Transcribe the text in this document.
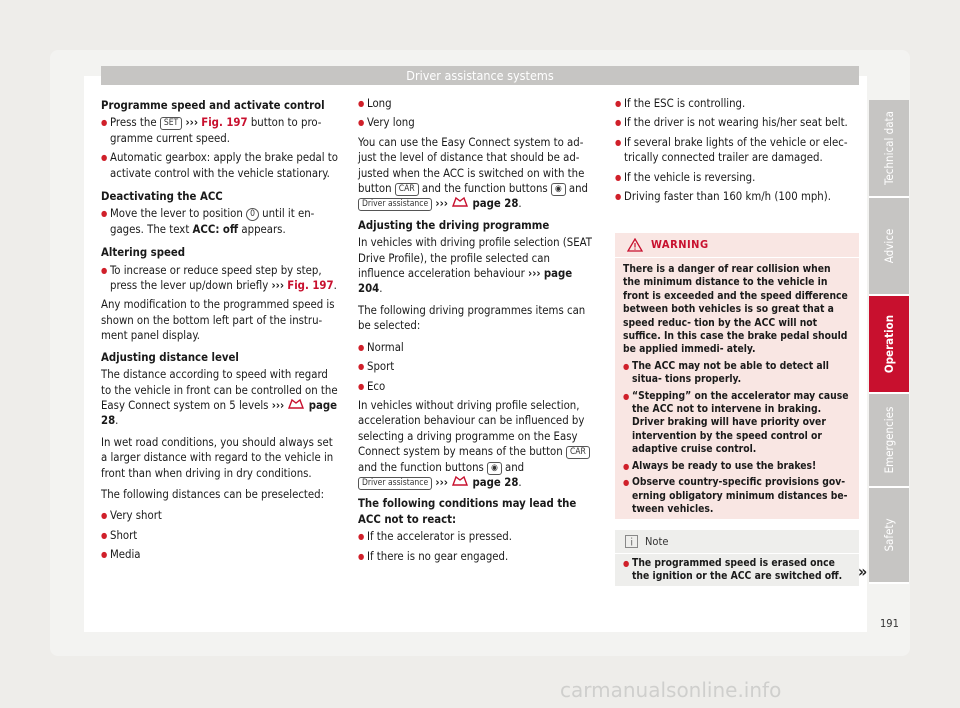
Driver assistance systems
Programme speed and activate control
● Press the SET ››› Fig. 197 button to pro- gramme current speed.
● Automatic gearbox: apply the brake pedal to activate control with the vehicle stationary.
Deactivating the ACC
● Move the lever to position 0 until it en- gages. The text ACC: off appears.
Altering speed
● To increase or reduce speed step by step, press the lever up/down briefly ››› Fig. 197.

Any modification to the programmed speed is shown on the bottom left part of the instru- ment panel display.

Adjusting distance level

The distance according to speed with regard to the vehicle in front can be controlled on the Easy Connect system on 5 levels ››› page 28.

In wet road conditions, you should always set a larger distance with regard to the vehicle in front than when driving in dry conditions.

The following distances can be preselected:

● Very short
● Short
● Media
● Long
● Very long

You can use the Easy Connect system to ad- just the level of distance that should be ad- justed when the ACC is switched on with the button CAR and the function buttons ◉ and
Driver assistance ››› page 28.

Adjusting the driving programme

In vehicles with driving profile selection (SEAT Drive Profile), the profile selected can influence acceleration behaviour ››› page 204.

The following driving programmes items can be selected:

● Normal
● Sport
● Eco

In vehicles without driving profile selection, acceleration behaviour can be influenced by selecting a driving programme on the Easy Connect system by means of the button CAR and the function buttons ◉ and
Driver assistance ››› page 28.

The following conditions may lead the ACC not to react:
● If the accelerator is pressed.
● If there is no gear engaged.
● If the ESC is controlling.
● If the driver is not wearing his/her seat belt.
● If several brake lights of the vehicle or elec- trically connected trailer are damaged.
● If the vehicle is reversing.
● Driving faster than 160 km/h (100 mph).
WARNING
There is a danger of rear collision when the minimum distance to the vehicle in front is exceeded and the speed difference between both vehicles is so great that a speed reduc- tion by the ACC will not suffice. In this case the brake pedal should be applied immedi- ately.
● The ACC may not be able to detect all situa- tions properly.
● “Stepping” on the accelerator may cause the ACC not to intervene in braking. Driver braking will have priority over intervention by the speed control or adaptive cruise control.
● Always be ready to use the brakes!
● Observe country-specific provisions gov- erning obligatory minimum distances be- tween vehicles.
Note
● The programmed speed is erased once the ignition or the ACC are switched off. »
Technical data
Advice
Operation
Emergencies
Safety
191
carmanualsonline.info
